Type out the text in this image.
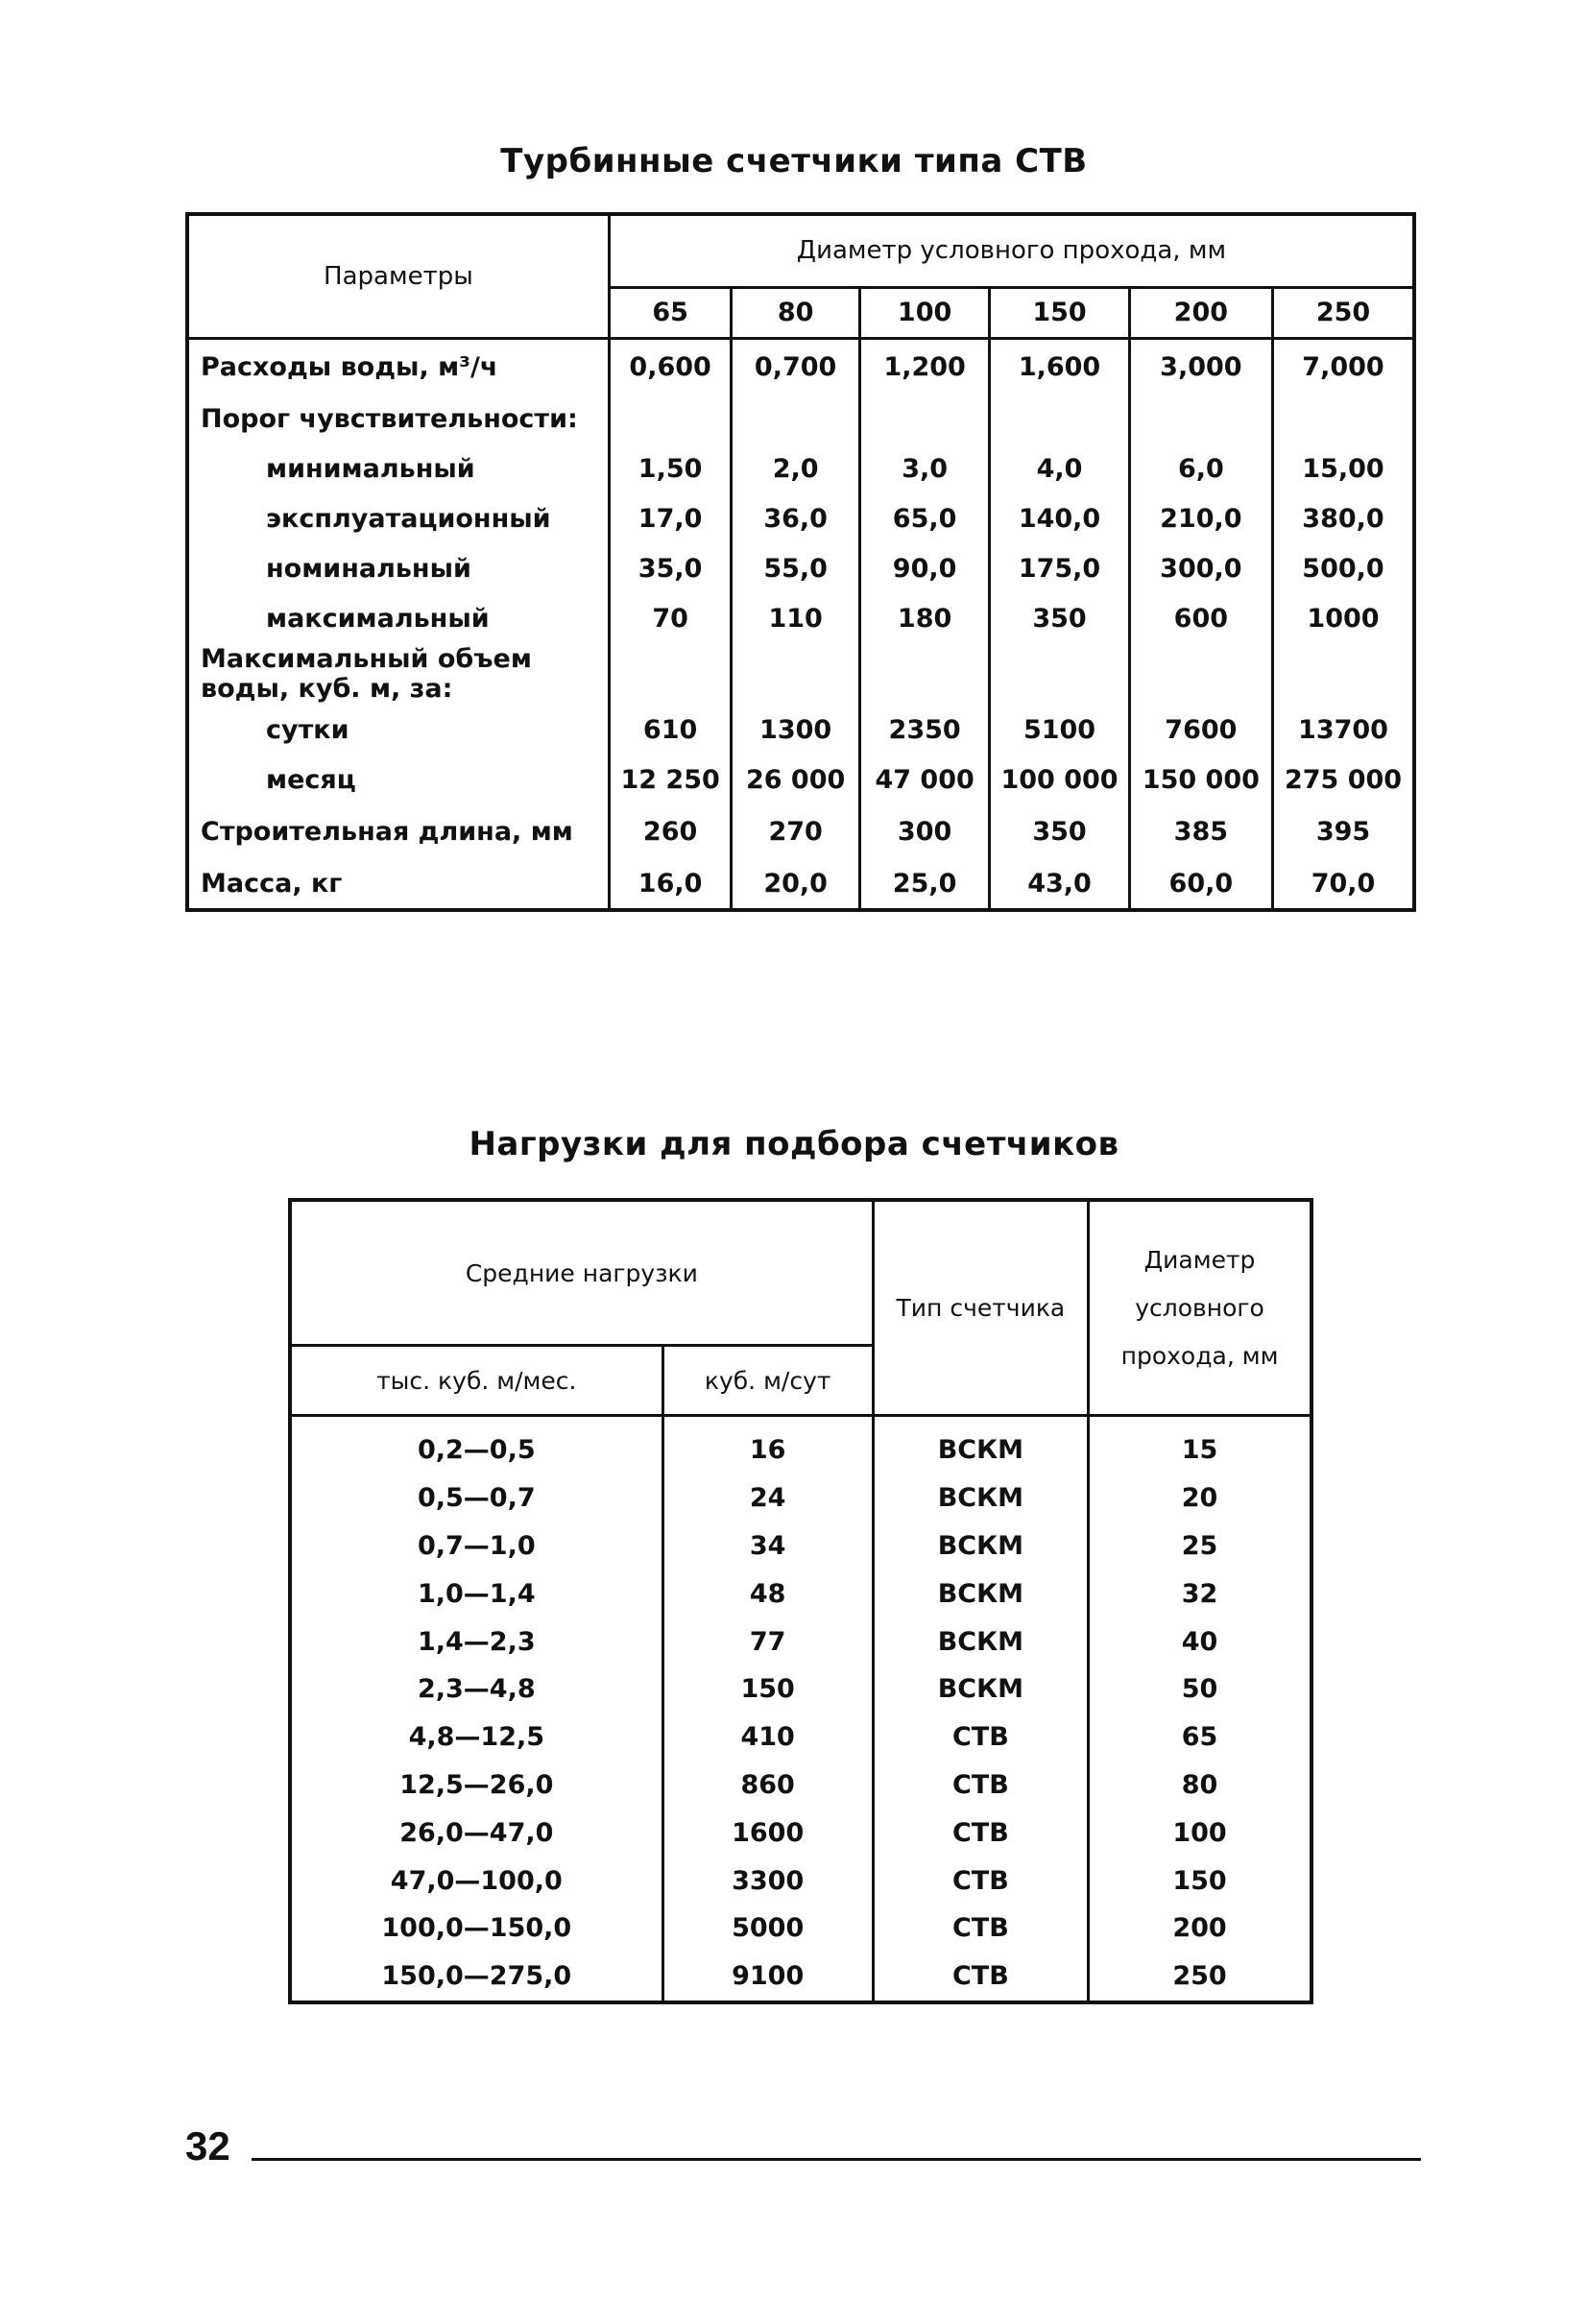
Турбинные счетчики типа СТВ
Параметры	Диаметр условного прохода, мм					
	65	80	100	150	200	250
Расходы воды, м³/ч	0,600	0,700	1,200	1,600	3,000	7,000
Порог чувствительности:						
минимальный	1,50	2,0	3,0	4,0	6,0	15,00
эксплуатационный	17,0	36,0	65,0	140,0	210,0	380,0
номинальный	35,0	55,0	90,0	175,0	300,0	500,0
максимальный	70	110	180	350	600	1000
Максимальный объем воды, куб. м, за:						
сутки	610	1300	2350	5100	7600	13700
месяц	12 250	26 000	47 000	100 000	150 000	275 000
Строительная длина, мм	260	270	300	350	385	395
Масса, кг	16,0	20,0	25,0	43,0	60,0	70,0
Нагрузки для подбора счетчиков
Средние нагрузки		Тип счетчика	Диаметр условного прохода, мм
тыс. куб. м/мес.	куб. м/сут		
0,2—0,5	16	ВСКМ	15
0,5—0,7	24	ВСКМ	20
0,7—1,0	34	ВСКМ	25
1,0—1,4	48	ВСКМ	32
1,4—2,3	77	ВСКМ	40
2,3—4,8	150	ВСКМ	50
4,8—12,5	410	СТВ	65
12,5—26,0	860	СТВ	80
26,0—47,0	1600	СТВ	100
47,0—100,0	3300	СТВ	150
100,0—150,0	5000	СТВ	200
150,0—275,0	9100	СТВ	250
32
